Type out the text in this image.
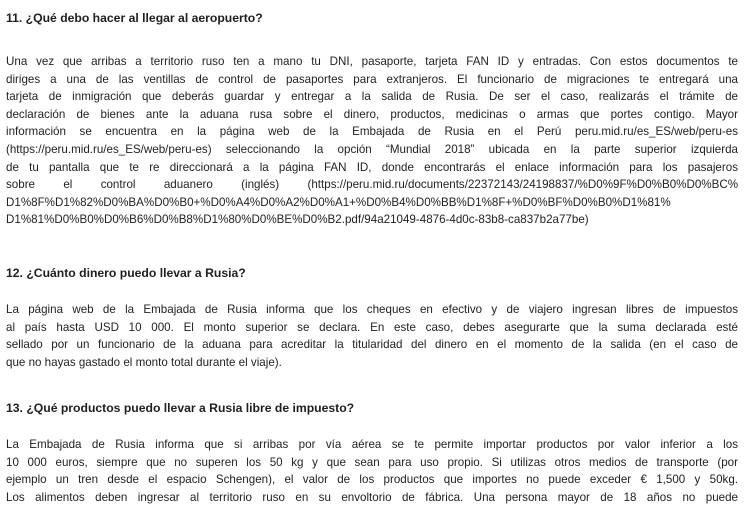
11. ¿Qué debo hacer al llegar al aeropuerto?
Una vez que arribas a territorio ruso ten a mano tu DNI, pasaporte, tarjeta FAN ID y entradas. Con estos documentos te
diriges a una de las ventillas de control de pasaportes para extranjeros. El funcionario de migraciones te entregará una
tarjeta de inmigración que deberás guardar y entregar a la salida de Rusia. De ser el caso, realizarás el trámite de
declaración de bienes ante la aduana rusa sobre el dinero, productos, medicinas o armas que portes contigo. Mayor
información se encuentra en la página web de la Embajada de Rusia en el Perú peru.mid.ru/es_ES/web/peru-es
(https://peru.mid.ru/es_ES/web/peru-es) seleccionando la opción “Mundial 2018” ubicada en la parte superior izquierda
de tu pantalla que te re direccionará a la página FAN ID, donde encontrarás el enlace información para los pasajeros
sobre el control aduanero (inglés) (https://peru.mid.ru/documents/22372143/24198837/%D0%9F%D0%B0%D0%BC%
D1%8F%D1%82%D0%BA%D0%B0+%D0%A4%D0%A2%D0%A1+%D0%B4%D0%BB%D1%8F+%D0%BF%D0%B0%D1%81%
D1%81%D0%B0%D0%B6%D0%B8%D1%80%D0%BE%D0%B2.pdf/94a21049-4876-4d0c-83b8-ca837b2a77be)
12. ¿Cuánto dinero puedo llevar a Rusia?
La página web de la Embajada de Rusia informa que los cheques en efectivo y de viajero ingresan libres de impuestos
al país hasta USD 10 000. El monto superior se declara. En este caso, debes asegurarte que la suma declarada esté
sellado por un funcionario de la aduana para acreditar la titularidad del dinero en el momento de la salida (en el caso de
que no hayas gastado el monto total durante el viaje).
13. ¿Qué productos puedo llevar a Rusia libre de impuesto?
La Embajada de Rusia informa que si arribas por vía aérea se te permite importar productos por valor inferior a los
10 000 euros, siempre que no superen los 50 kg y que sean para uso propio. Si utilizas otros medios de transporte (por
ejemplo un tren desde el espacio Schengen), el valor de los productos que importes no puede exceder € 1,500 y 50kg.
Los alimentos deben ingresar al territorio ruso en su envoltorio de fábrica. Una persona mayor de 18 años no puede
